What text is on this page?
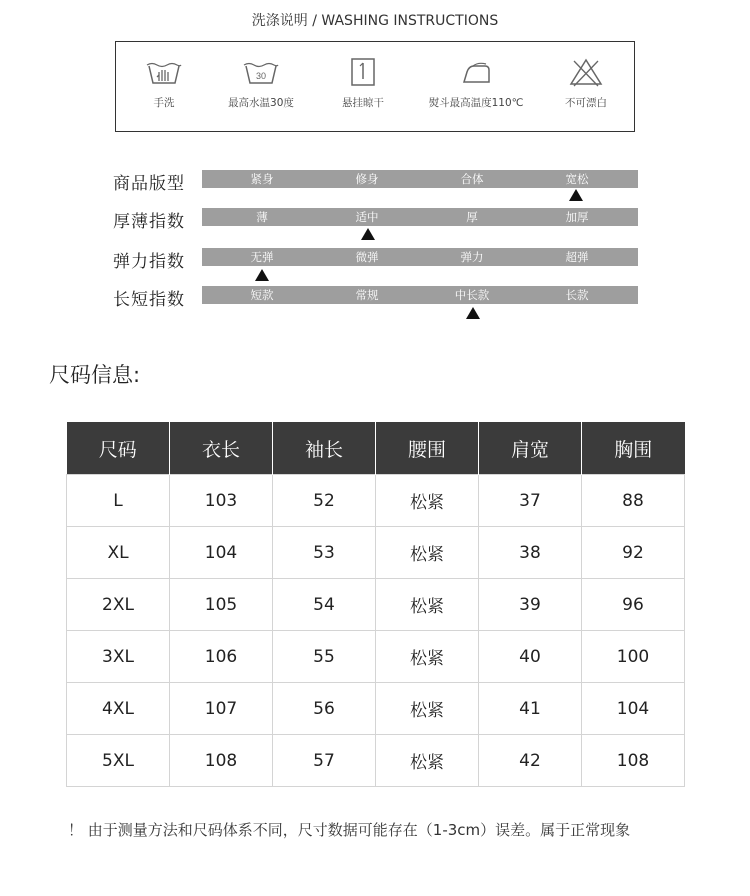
洗涤说明 / WASHING INSTRUCTIONS
手洗
30
最高水温30度	悬挂晾干	熨斗最高温度110℃	不可漂白
商品版型	紧身	修身	合体	宽松
厚薄指数	薄	适中	厚	加厚
弹力指数	无弹	微弹	弹力	超弹
长短指数	短款	常规	中长款	长款
尺码信息:
尺码	衣长	袖长	腰围	肩宽	胸围
L	103	52	松紧	37	88
XL	104	53	松紧	38	92
2XL	105	54	松紧	39	96
3XL	106	55	松紧	40	100
4XL	107	56	松紧	41	104
5XL	108	57	松紧	42	108
！ 由于测量方法和尺码体系不同，尺寸数据可能存在（1-3cm）误差。属于正常现象
